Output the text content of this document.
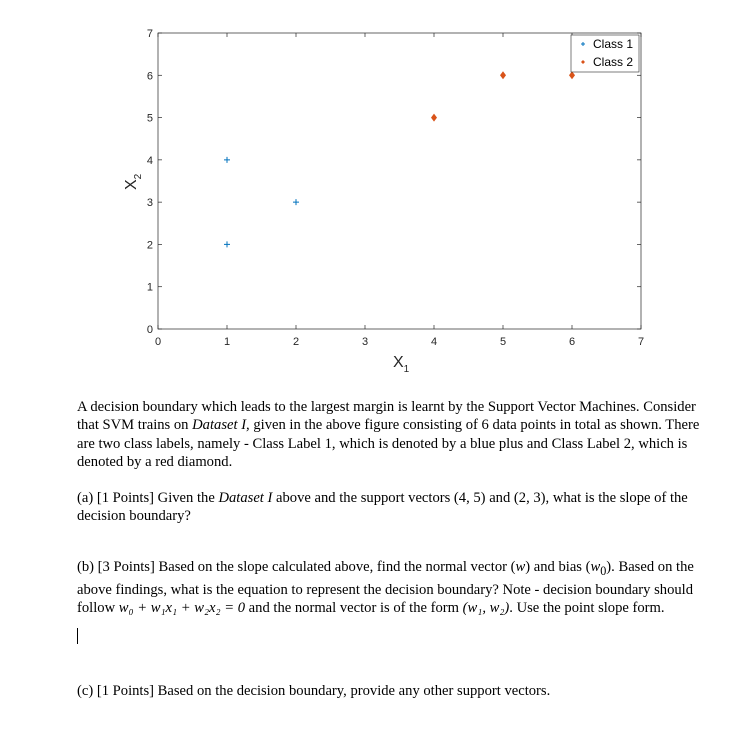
0	1	2	3	4	5	6	7
0
1
2
3
4
5
6
7
$X_1$
$X_2$
Class 1
Class 2

A decision boundary which leads to the largest margin is learnt by the Support Vector Machines. Consider that SVM trains on Dataset I, given in the above figure consisting of 6 data points in total as shown. There are two class labels, namely - Class Label 1, which is denoted by a blue plus and Class Label 2, which is denoted by a red diamond.

(a) [1 Points] Given the Dataset I above and the support vectors (4, 5) and (2, 3), what is the slope of the decision boundary?

(b) [3 Points] Based on the slope calculated above, find the normal vector (w) and bias $(w_0)$. Based on the above findings, what is the equation to represent the decision boundary? Note - decision boundary should follow w₀ + w₁x₁ + w₂x₂ = 0 and the normal vector is of the form (w₁, w₂). Use the point slope form.

(c) [1 Points] Based on the decision boundary, provide any other support vectors.
